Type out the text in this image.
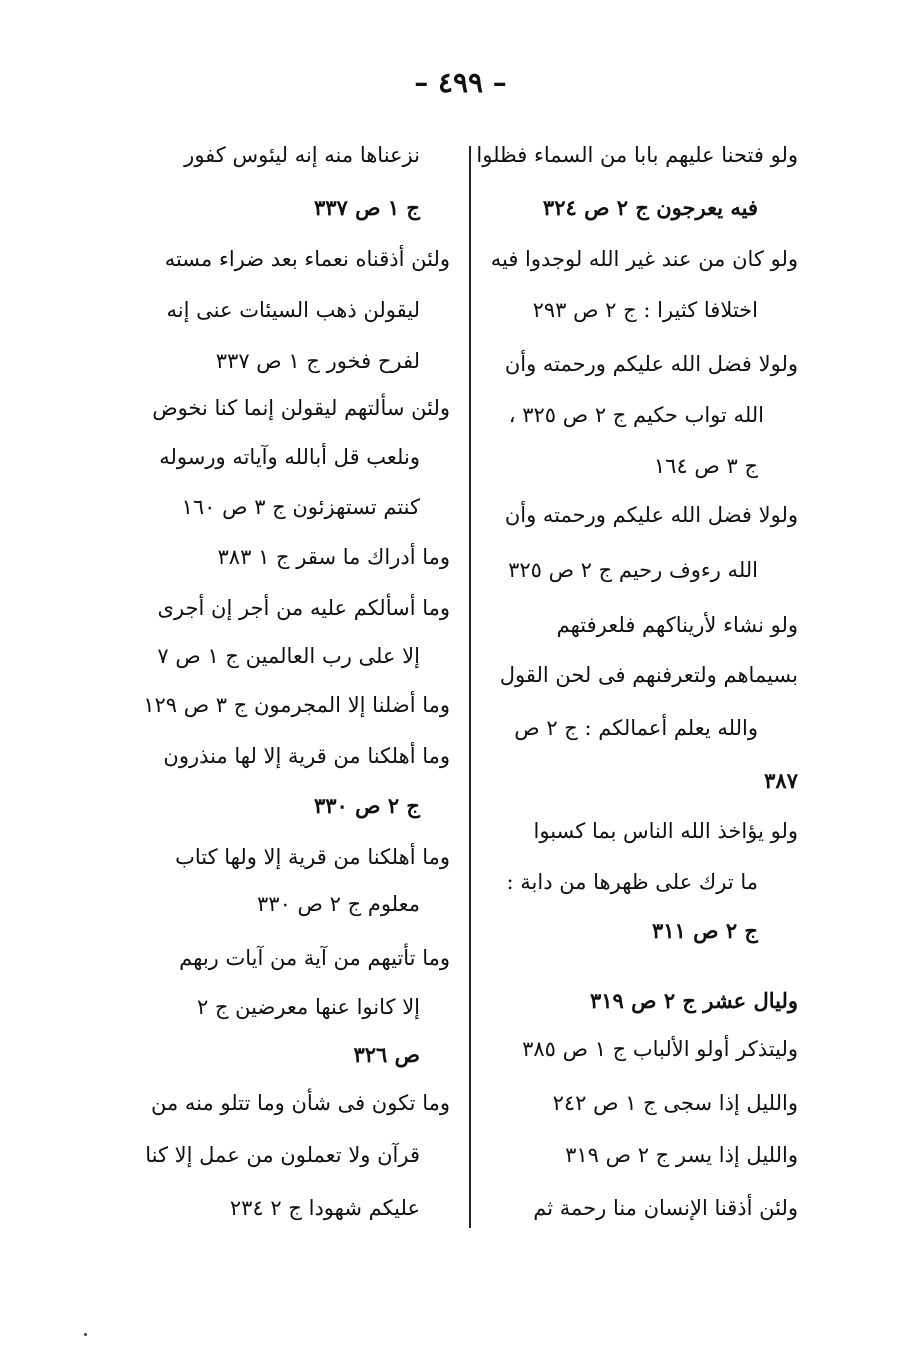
– ٤٩٩ –
ولو فتحنا عليهم بابا من السماء فظلوا
فيه يعرجون ج ٢ ص ٣٢٤
ولو كان من عند غير الله لوجدوا فيه
اختلافا كثيرا : ج ٢ ص ٢٩٣
ولولا فضل الله عليكم ورحمته وأن
الله تواب حكيم ج ٢ ص ٣٢٥ ،
ج ٣ ص ١٦٤
ولولا فضل الله عليكم ورحمته وأن
الله رءوف رحيم ج ٢ ص ٣٢٥
ولو نشاء لأريناكهم فلعرفتهم
بسيماهم ولتعرفنهم فى لحن القول
والله يعلم أعمالكم : ج ٢ ص
٣٨٧
ولو يؤاخذ الله الناس بما كسبوا
ما ترك على ظهرها من دابة :
ج ٢ ص ٣١١
وليال عشر ج ٢ ص ٣١٩
وليتذكر أولو الألباب ج ١ ص ٣٨٥
والليل إذا سجى ج ١ ص ٢٤٢
والليل إذا يسر ج ٢ ص ٣١٩
ولئن أذقنا الإنسان منا رحمة ثم
نزعناها منه إنه ليئوس كفور
ج ١ ص ٣٣٧
ولئن أذقناه نعماء بعد ضراء مسته
ليقولن ذهب السيئات عنى إنه
لفرح فخور ج ١ ص ٣٣٧
ولئن سألتهم ليقولن إنما كنا نخوض
ونلعب قل أبالله وآياته ورسوله
كنتم تستهزئون ج ٣ ص ١٦٠
وما أدراك ما سقر ج ١ ٣٨٣
وما أسألكم عليه من أجر إن أجرى
إلا على رب العالمين ج ١ ص ٧
وما أضلنا إلا المجرمون ج ٣ ص ١٢٩
وما أهلكنا من قرية إلا لها منذرون
ج ٢ ص ٣٣٠
وما أهلكنا من قرية إلا ولها كتاب
معلوم ج ٢ ص ٣٣٠
وما تأتيهم من آية من آيات ربهم
إلا كانوا عنها معرضين ج ٢
ص ٣٢٦
وما تكون فى شأن وما تتلو منه من
قرآن ولا تعملون من عمل إلا كنا
عليكم شهودا ج ٢ ٢٣٤
